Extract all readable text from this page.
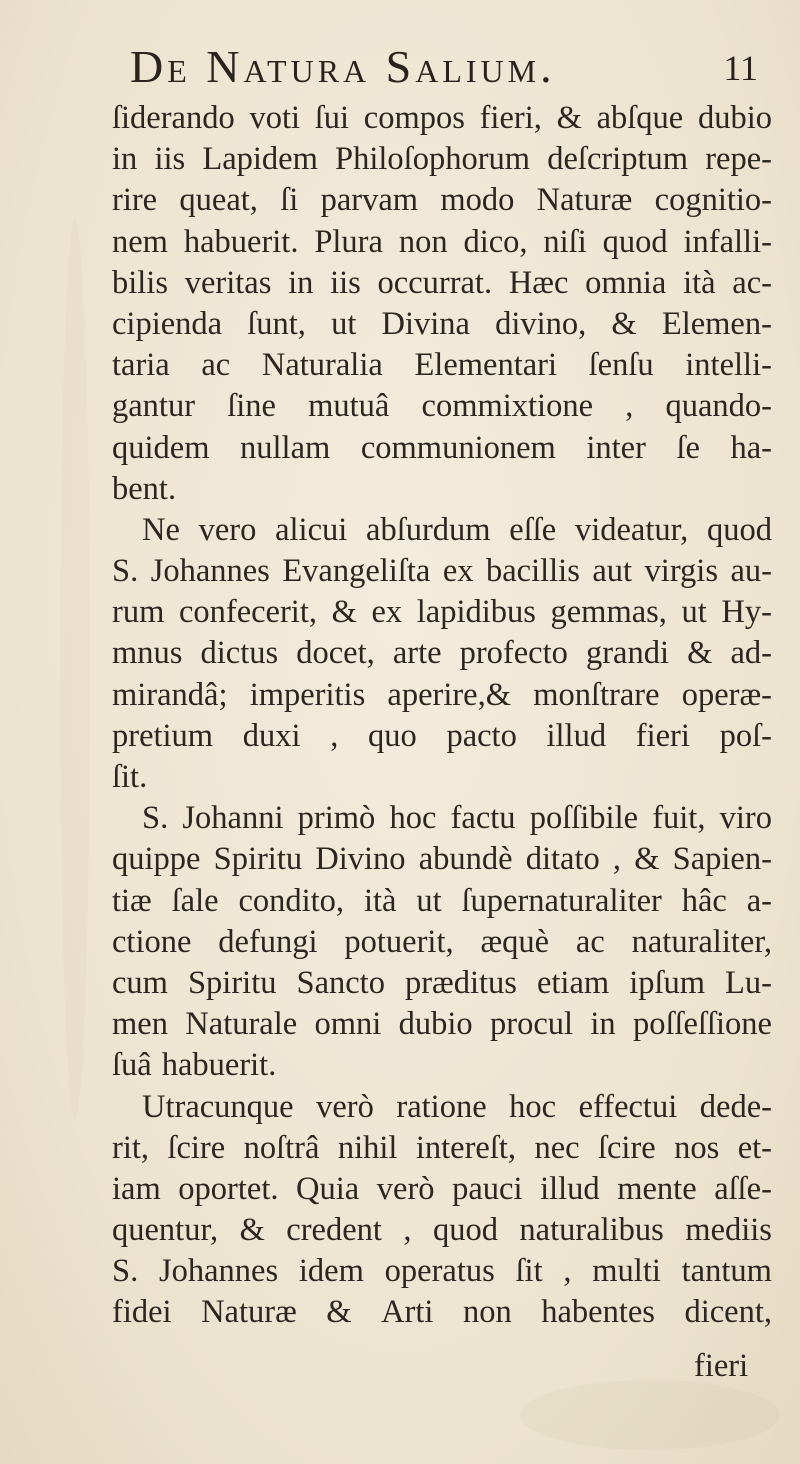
De Natura Salium.	11
ſiderando voti ſui compos fieri, & abſque dubio
in iis Lapidem Philoſophorum deſcriptum repe-
rire queat, ſi parvam modo Naturæ cognitio-
nem habuerit. Plura non dico, niſi quod infalli-
bilis veritas in iis occurrat. Hæc omnia ità ac-
cipienda ſunt, ut Divina divino, & Elemen-
taria ac Naturalia Elementari ſenſu intelli-
gantur ſine mutuâ commixtione , quando-
quidem nullam communionem inter ſe ha-
bent.
Ne vero alicui abſurdum eſſe videatur, quod
S. Johannes Evangeliſta ex bacillis aut virgis au-
rum confecerit, & ex lapidibus gemmas, ut Hy-
mnus dictus docet, arte profecto grandi & ad-
mirandâ; imperitis aperire,& monſtrare operæ-
pretium duxi , quo pacto illud fieri poſ-
ſit.
S. Johanni primò hoc factu poſſibile fuit, viro
quippe Spiritu Divino abundè ditato , & Sapien-
tiæ ſale condito, ità ut ſupernaturaliter hâc a-
ctione defungi potuerit, æquè ac naturaliter,
cum Spiritu Sancto præditus etiam ipſum Lu-
men Naturale omni dubio procul in poſſeſſione
ſuâ habuerit.
Utracunque verò ratione hoc effectui dede-
rit, ſcire noſtrâ nihil intereſt, nec ſcire nos et-
iam oportet. Quia verò pauci illud mente aſſe-
quentur, & credent , quod naturalibus mediis
S. Johannes idem operatus ſit , multi tantum
fidei Naturæ & Arti non habentes dicent,
fieri
